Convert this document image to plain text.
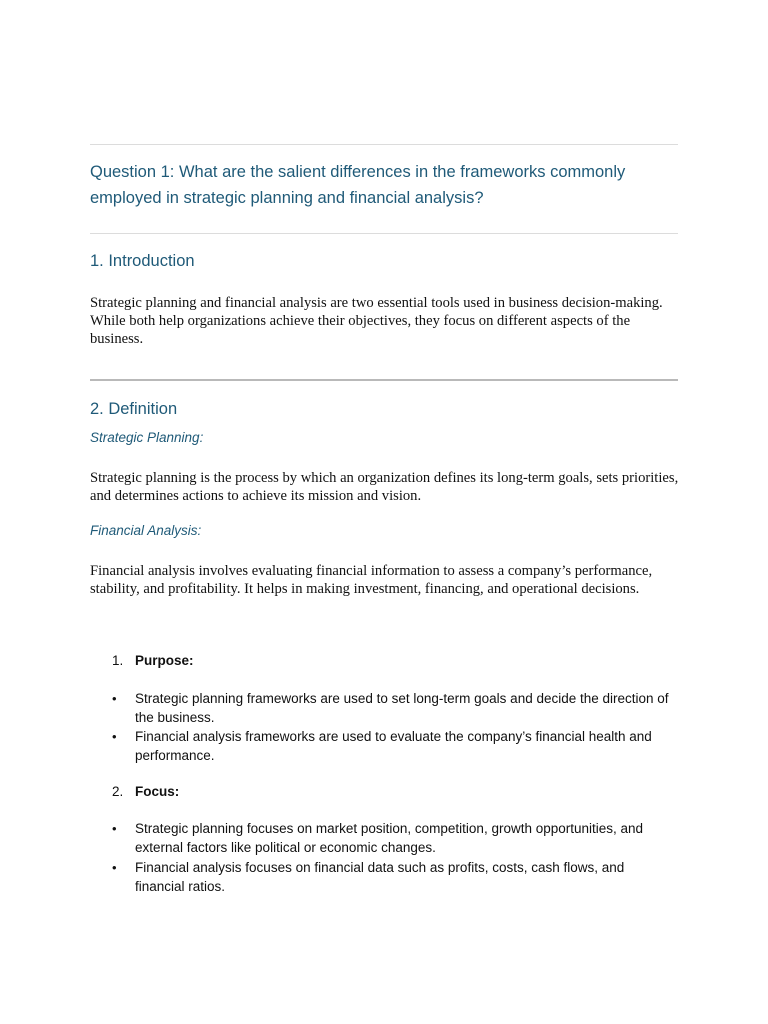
Question 1: What are the salient differences in the frameworks commonly employed in strategic planning and financial analysis?
1. Introduction

Strategic planning and financial analysis are two essential tools used in business decision-making. While both help organizations achieve their objectives, they focus on different aspects of the business.

2. Definition

Strategic Planning:

Strategic planning is the process by which an organization defines its long-term goals, sets priorities, and determines actions to achieve its mission and vision.

Financial Analysis:

Financial analysis involves evaluating financial information to assess a company’s performance, stability, and profitability. It helps in making investment, financing, and operational decisions.

1. Purpose:
• Strategic planning frameworks are used to set long-term goals and decide the direction of the business.

• Financial analysis frameworks are used to evaluate the company’s financial health and performance.

2. Focus:
• Strategic planning focuses on market position, competition, growth opportunities, and external factors like political or economic changes.

• Financial analysis focuses on financial data such as profits, costs, cash flows, and financial ratios.
